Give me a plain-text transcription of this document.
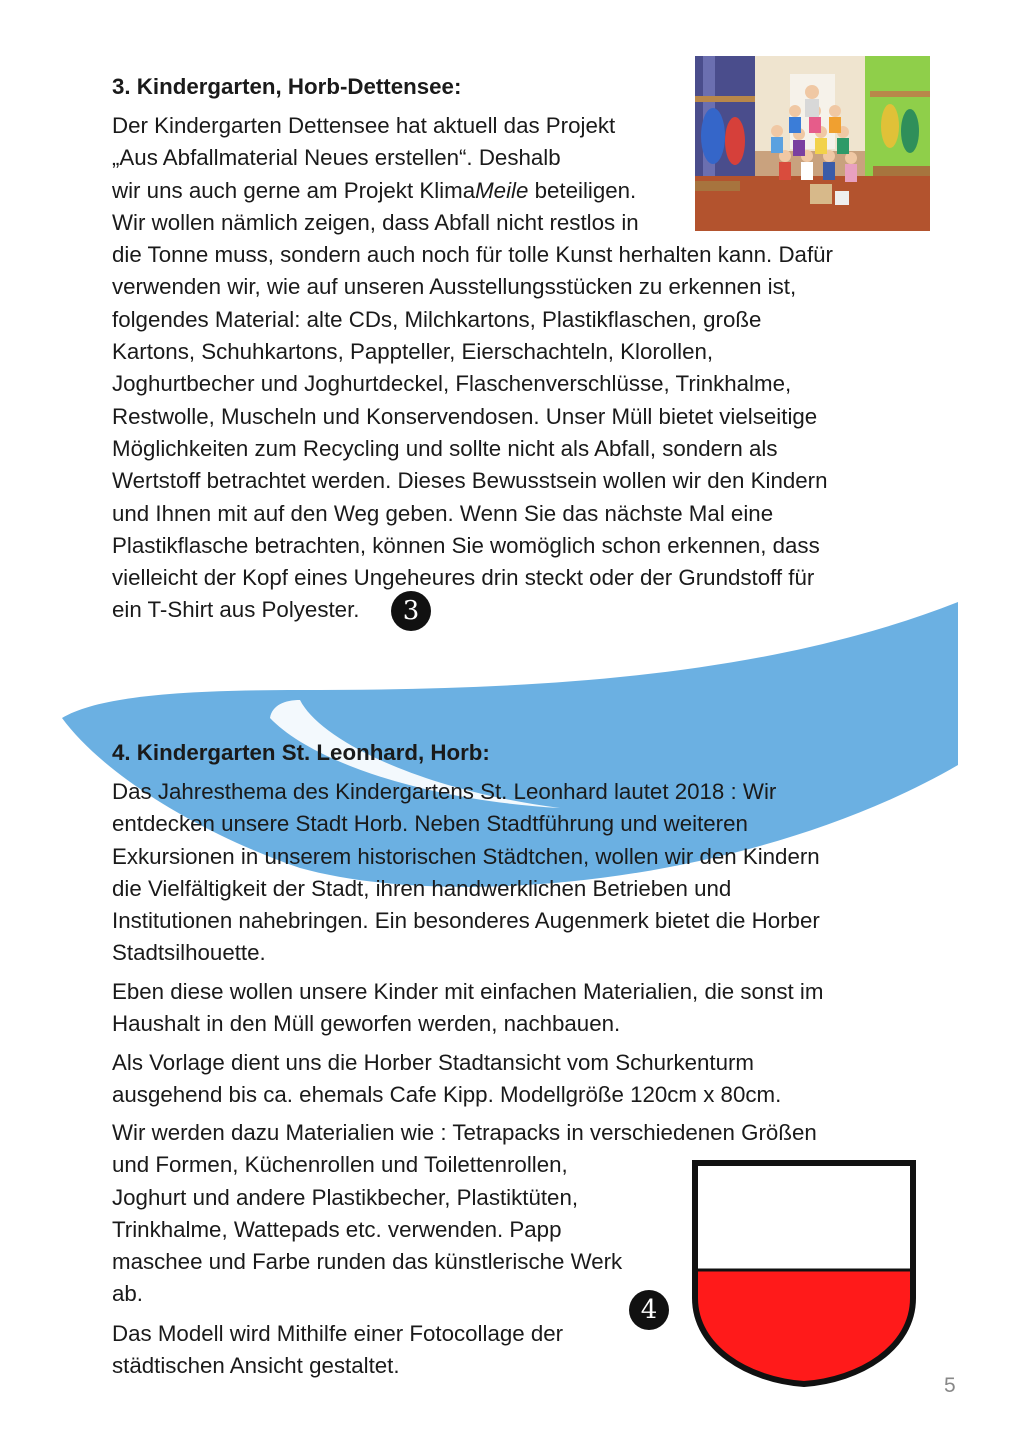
3. Kindergarten, Horb-Dettensee:
Der Kindergarten Dettensee hat aktuell das Projekt
„Aus Abfallmaterial Neues erstellen“. Deshalb
wir uns auch gerne am Projekt KlimaMeile beteiligen.
Wir wollen nämlich zeigen, dass Abfall nicht restlos in
die Tonne muss, sondern auch noch für tolle Kunst herhalten kann. Dafür
verwenden wir, wie auf unseren Ausstellungsstücken zu erkennen ist,
folgendes Material: alte CDs, Milchkartons, Plastikflaschen, große
Kartons, Schuhkartons, Pappteller, Eierschachteln, Klorollen,
Joghurtbecher und Joghurtdeckel, Flaschenverschlüsse, Trinkhalme,
Restwolle, Muscheln und Konservendosen. Unser Müll bietet vielseitige
Möglichkeiten zum Recycling und sollte nicht als Abfall, sondern als
Wertstoff betrachtet werden. Dieses Bewusstsein wollen wir den Kindern
und Ihnen mit auf den Weg geben. Wenn Sie das nächste Mal eine
Plastikflasche betrachten, können Sie womöglich schon erkennen, dass
vielleicht der Kopf eines Ungeheures drin steckt oder der Grundstoff für
ein T-Shirt aus Polyester.	3
4. Kindergarten St. Leonhard, Horb:
Das Jahresthema des Kindergartens St. Leonhard lautet 2018 : Wir
entdecken unsere Stadt Horb. Neben Stadtführung und weiteren
Exkursionen in unserem historischen Städtchen, wollen wir den Kindern
die Vielfältigkeit der Stadt, ihren handwerklichen Betrieben und
Institutionen nahebringen. Ein besonderes Augenmerk bietet die Horber
Stadtsilhouette.
Eben diese wollen unsere Kinder mit einfachen Materialien, die sonst im
Haushalt in den Müll geworfen werden, nachbauen.
Als Vorlage dient uns die Horber Stadtansicht vom Schurkenturm
ausgehend bis ca. ehemals Cafe Kipp. Modellgröße 120cm x 80cm.
Wir werden dazu Materialien wie : Tetrapacks in verschiedenen Größen
und Formen, Küchenrollen und Toilettenrollen,
Joghurt und andere Plastikbecher, Plastiktüten,
Trinkhalme, Wattepads etc. verwenden. Papp
maschee und Farbe runden das künstlerische Werk
ab.
Das Modell wird Mithilfe einer Fotocollage der
städtischen Ansicht gestaltet.
4
5
